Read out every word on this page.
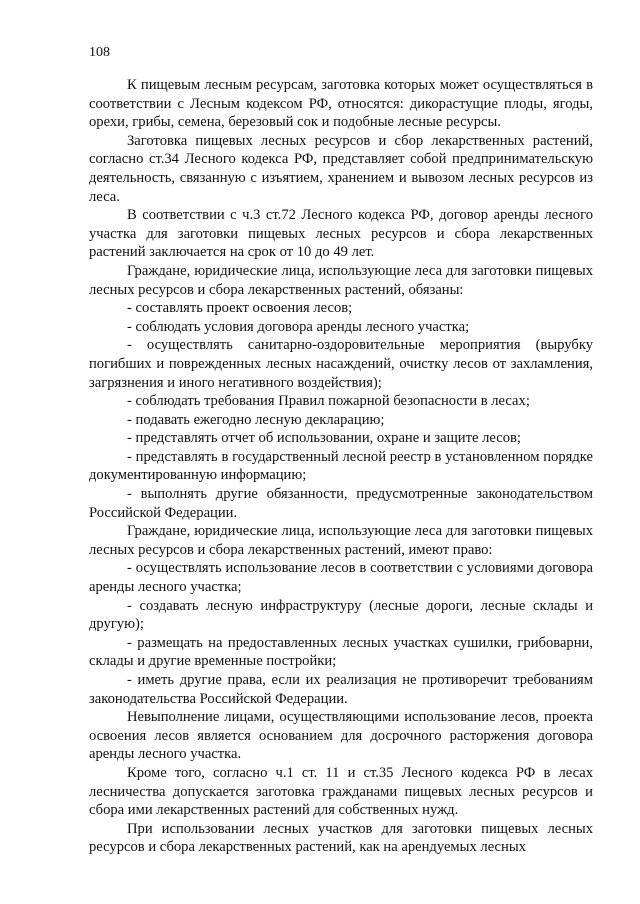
108

К пищевым лесным ресурсам, заготовка которых может осуществляться в соответствии с Лесным кодексом РФ, относятся: дикорастущие плоды, ягоды, орехи, грибы, семена, березовый сок и подобные лесные ресурсы.

Заготовка пищевых лесных ресурсов и сбор лекарственных растений, согласно ст.34 Лесного кодекса РФ, представляет собой предпринимательскую деятельность, связанную с изъятием, хранением и вывозом лесных ресурсов из леса.

В соответствии с ч.3 ст.72 Лесного кодекса РФ, договор аренды лесного участка для заготовки пищевых лесных ресурсов и сбора лекарственных растений заключается на срок от 10 до 49 лет.

Граждане, юридические лица, использующие леса для заготовки пищевых лесных ресурсов и сбора лекарственных растений, обязаны:

- составлять проект освоения лесов;

- соблюдать условия договора аренды лесного участка;

- осуществлять санитарно-оздоровительные мероприятия (вырубку погибших и поврежденных лесных насаждений, очистку лесов от захламления, загрязнения и иного негативного воздействия);

- соблюдать требования Правил пожарной безопасности в лесах;

- подавать ежегодно лесную декларацию;

- представлять отчет об использовании, охране и защите лесов;

- представлять в государственный лесной реестр в установленном порядке документированную информацию;

- выполнять другие обязанности, предусмотренные законодательством Российской Федерации.

Граждане, юридические лица, использующие леса для заготовки пищевых лесных ресурсов и сбора лекарственных растений, имеют право:

- осуществлять использование лесов в соответствии с условиями договора аренды лесного участка;

- создавать лесную инфраструктуру (лесные дороги, лесные склады и другую);

- размещать на предоставленных лесных участках сушилки, грибоварни, склады и другие временные постройки;

- иметь другие права, если их реализация не противоречит требованиям законодательства Российской Федерации.

Невыполнение лицами, осуществляющими использование лесов, проекта освоения лесов является основанием для досрочного расторжения договора аренды лесного участка.

Кроме того, согласно ч.1 ст. 11 и ст.35 Лесного кодекса РФ в лесах лесничества допускается заготовка гражданами пищевых лесных ресурсов и сбора ими лекарственных растений для собственных нужд.

При использовании лесных участков для заготовки пищевых лесных ресурсов и сбора лекарственных растений, как на арендуемых лесных
